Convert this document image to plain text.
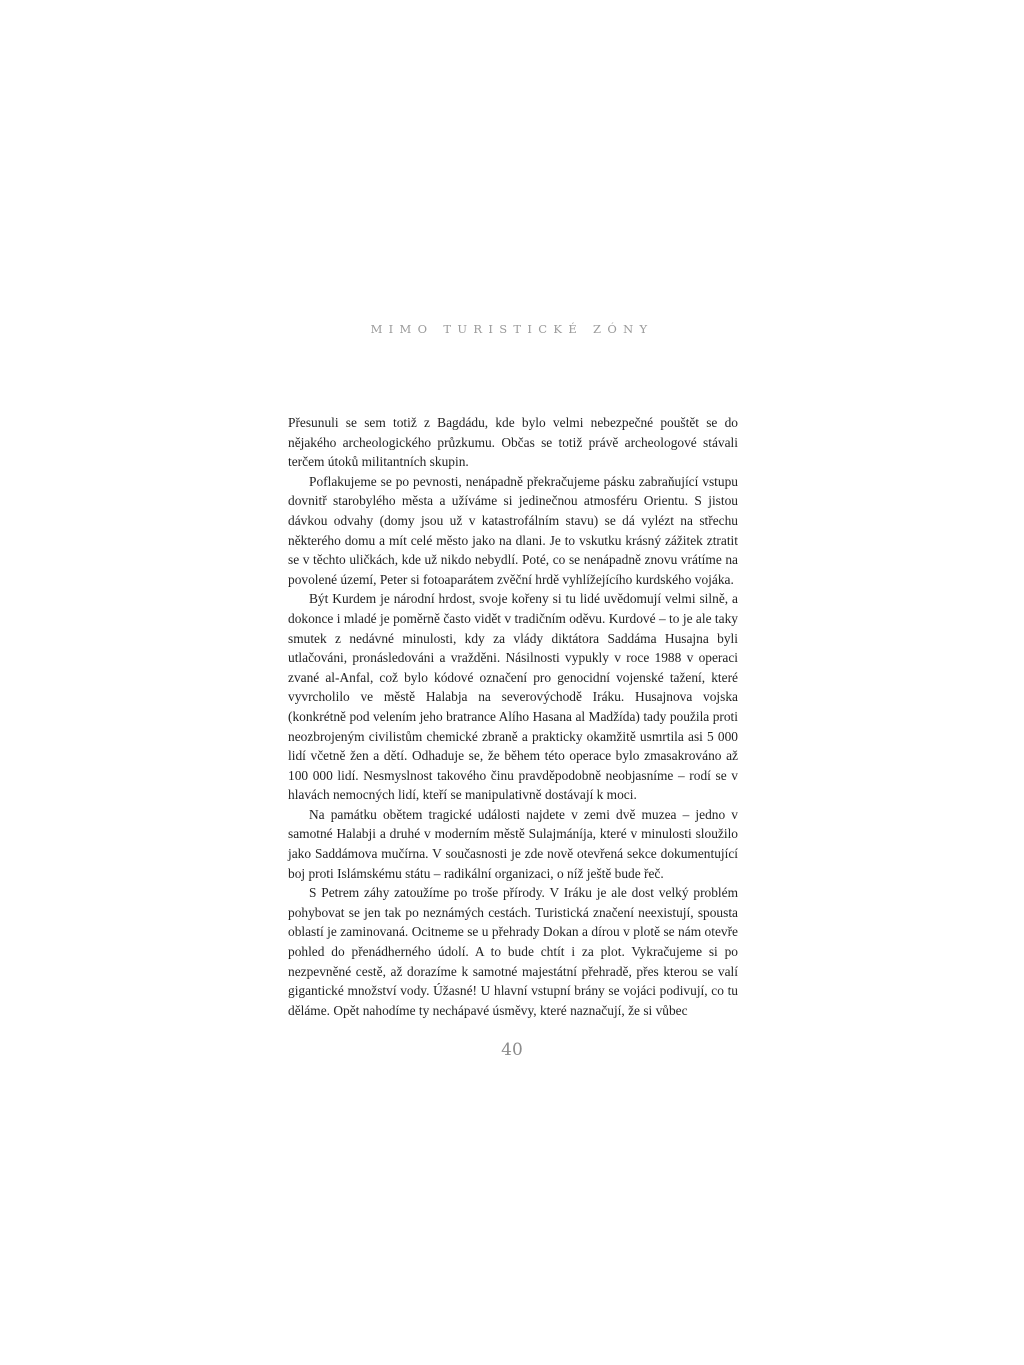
MIMO TURISTICKÉ ZÓNY

Přesunuli se sem totiž z Bagdádu, kde bylo velmi nebezpečné pouštět se do nějakého archeologického průzkumu. Občas se totiž právě archeologové stávali terčem útoků militantních skupin.

Poflakujeme se po pevnosti, nenápadně překračujeme pásku zabraňující vstupu dovnitř starobylého města a užíváme si jedinečnou atmosféru Orientu. S jistou dávkou odvahy (domy jsou už v katastrofálním stavu) se dá vylézt na střechu některého domu a mít celé město jako na dlani. Je to vskutku krásný zážitek ztratit se v těchto uličkách, kde už nikdo nebydlí. Poté, co se nenápadně znovu vrátíme na povolené území, Peter si fotoaparátem zvěční hrdě vyhlížejícího kurdského vojáka.

Být Kurdem je národní hrdost, svoje kořeny si tu lidé uvědomují velmi silně, a dokonce i mladé je poměrně často vidět v tradičním oděvu. Kurdové – to je ale taky smutek z nedávné minulosti, kdy za vlády diktátora Saddáma Husajna byli utlačováni, pronásledováni a vražděni. Násilnosti vypukly v roce 1988 v operaci zvané al-Anfal, což bylo kódové označení pro genocidní vojenské tažení, které vyvrcholilo ve městě Halabja na severovýchodě Iráku. Husajnova vojska (konkrétně pod velením jeho bratrance Alího Hasana al Madžída) tady použila proti neozbrojeným civilistům chemické zbraně a prakticky okamžitě usmrtila asi 5 000 lidí včetně žen a dětí. Odhaduje se, že během této operace bylo zmasakrováno až 100 000 lidí. Nesmyslnost takového činu pravděpodobně neobjasníme – rodí se v hlavách nemocných lidí, kteří se manipulativně dostávají k moci.

Na památku obětem tragické události najdete v zemi dvě muzea – jedno v samotné Halabji a druhé v moderním městě Sulajmáníja, které v minulosti sloužilo jako Saddámova mučírna. V současnosti je zde nově otevřená sekce dokumentující boj proti Islámskému státu – radikální organizaci, o níž ještě bude řeč.

S Petrem záhy zatoužíme po troše přírody. V Iráku je ale dost velký problém pohybovat se jen tak po neznámých cestách. Turistická značení neexistují, spousta oblastí je zaminovaná. Ocitneme se u přehrady Dokan a dírou v plotě se nám otevře pohled do přenádherného údolí. A to bude chtít i za plot. Vykračujeme si po nezpevněné cestě, až dorazíme k samotné majestátní přehradě, přes kterou se valí gigantické množství vody. Úžasné! U hlavní vstupní brány se vojáci podivují, co tu děláme. Opět nahodíme ty nechápavé úsměvy, které naznačují, že si vůbec

40
